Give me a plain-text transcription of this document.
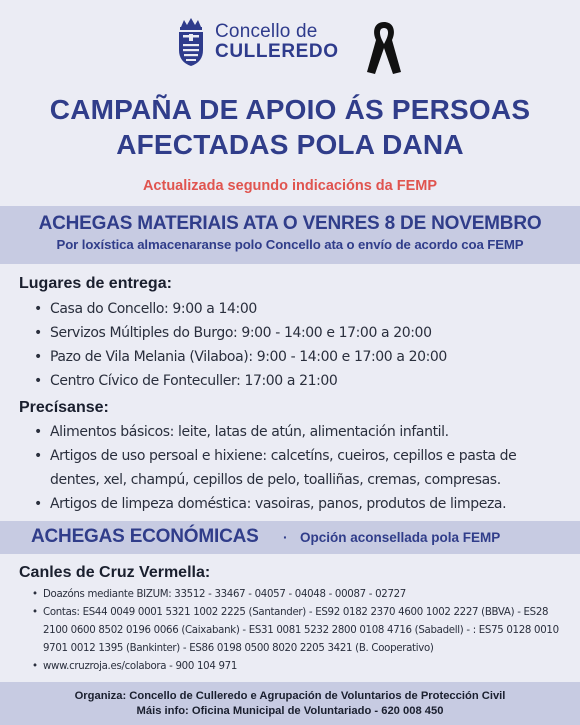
Concello de
CULLEREDO
CAMPAÑA DE APOIO ÁS PERSOAS
AFECTADAS POLA DANA
Actualizada segundo indicacións da FEMP
ACHEGAS MATERIAIS ATA O VENRES 8 DE NOVEMBRO
Por loxística almacenaranse polo Concello ata o envío de acordo coa FEMP
Lugares de entrega:
• Casa do Concello: 9:00 a 14:00
• Servizos Múltiples do Burgo: 9:00 - 14:00 e 17:00 a 20:00
• Pazo de Vila Melania (Vilaboa): 9:00 - 14:00 e 17:00 a 20:00
• Centro Cívico de Fonteculler: 17:00 a 21:00
Precísanse:
• Alimentos básicos: leite, latas de atún, alimentación infantil.
• Artigos de uso persoal e hixiene: calcetíns, cueiros, cepillos e pasta de dentes, xel, champú, cepillos de pelo, toalliñas, cremas, compresas.
• Artigos de limpeza doméstica: vasoiras, panos, produtos de limpeza.
ACHEGAS ECONÓMICAS · Opción aconsellada pola FEMP
Canles de Cruz Vermella:
• Doazóns mediante BIZUM: 33512 - 33467 - 04057 - 04048 - 00087 - 02727
• Contas: ES44 0049 0001 5321 1002 2225 (Santander) - ES92 0182 2370 4600 1002 2227 (BBVA) - ES28 2100 0600 8502 0196 0066 (Caixabank) - ES31 0081 5232 2800 0108 4716 (Sabadell) - : ES75 0128 0010 9701 0012 1395 (Bankinter) - ES86 0198 0500 8020 2205 3421 (B. Cooperativo)
• www.cruzroja.es/colabora - 900 104 971
Organiza: Concello de Culleredo e Agrupación de Voluntarios de Protección Civil
Máis info: Oficina Municipal de Voluntariado - 620 008 450
